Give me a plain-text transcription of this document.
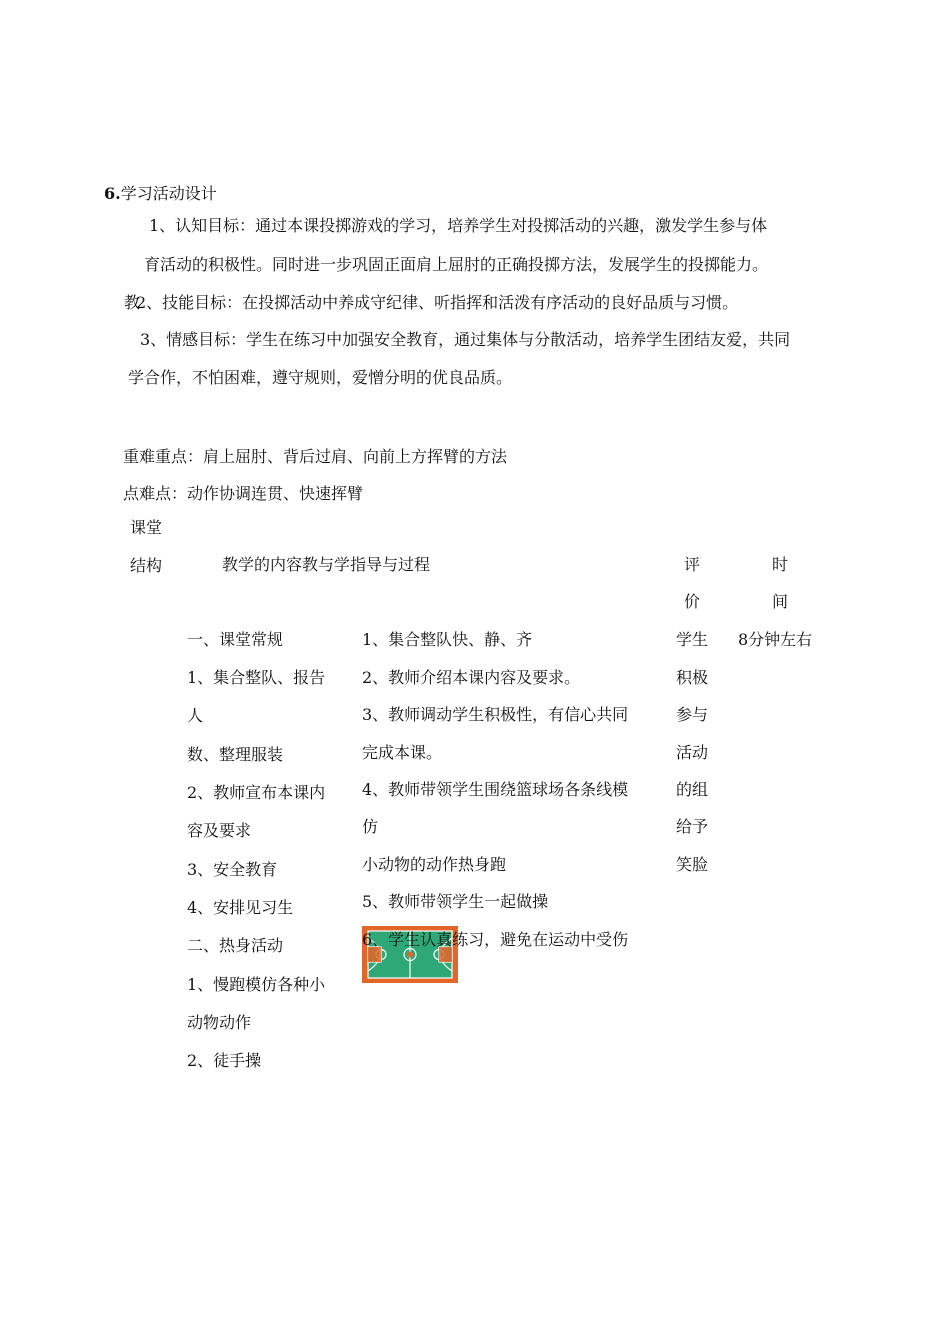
6.学习活动设计
1、认知目标：通过本课投掷游戏的学习，培养学生对投掷活动的兴趣，激发学生参与体
育活动的积极性。同时进一步巩固正面肩上屈肘的正确投掷方法，发展学生的投掷能力。
教
2、技能目标：在投掷活动中养成守纪律、听指挥和活泼有序活动的良好品质与习惯。
3、情感目标：学生在练习中加强安全教育，通过集体与分散活动，培养学生团结友爱，共同
学合作，不怕困难，遵守规则，爱憎分明的优良品质。
重难重点：肩上屈肘、背后过肩、向前上方挥臂的方法
点难点：动作协调连贯、快速挥臂
课堂
结构	教学的内容教与学指导与过程	评
价
时
间
一、课堂常规
1、集合整队、报告
人
数、整理服装
2、教师宣布本课内
容及要求
3、安全教育
4、安排见习生
二、热身活动
1、慢跑模仿各种小
动物动作
2、徒手操
1、集合整队快、静、齐
2、教师介绍本课内容及要求。
3、教师调动学生积极性，有信心共同
完成本课。
4、教师带领学生围绕篮球场各条线模
仿
小动物的动作热身跑
5、教师带领学生一起做操
6、学生认真练习，避免在运动中受伤
学生
积极
参与
活动
的组
给予
笑脸
8分钟左右
